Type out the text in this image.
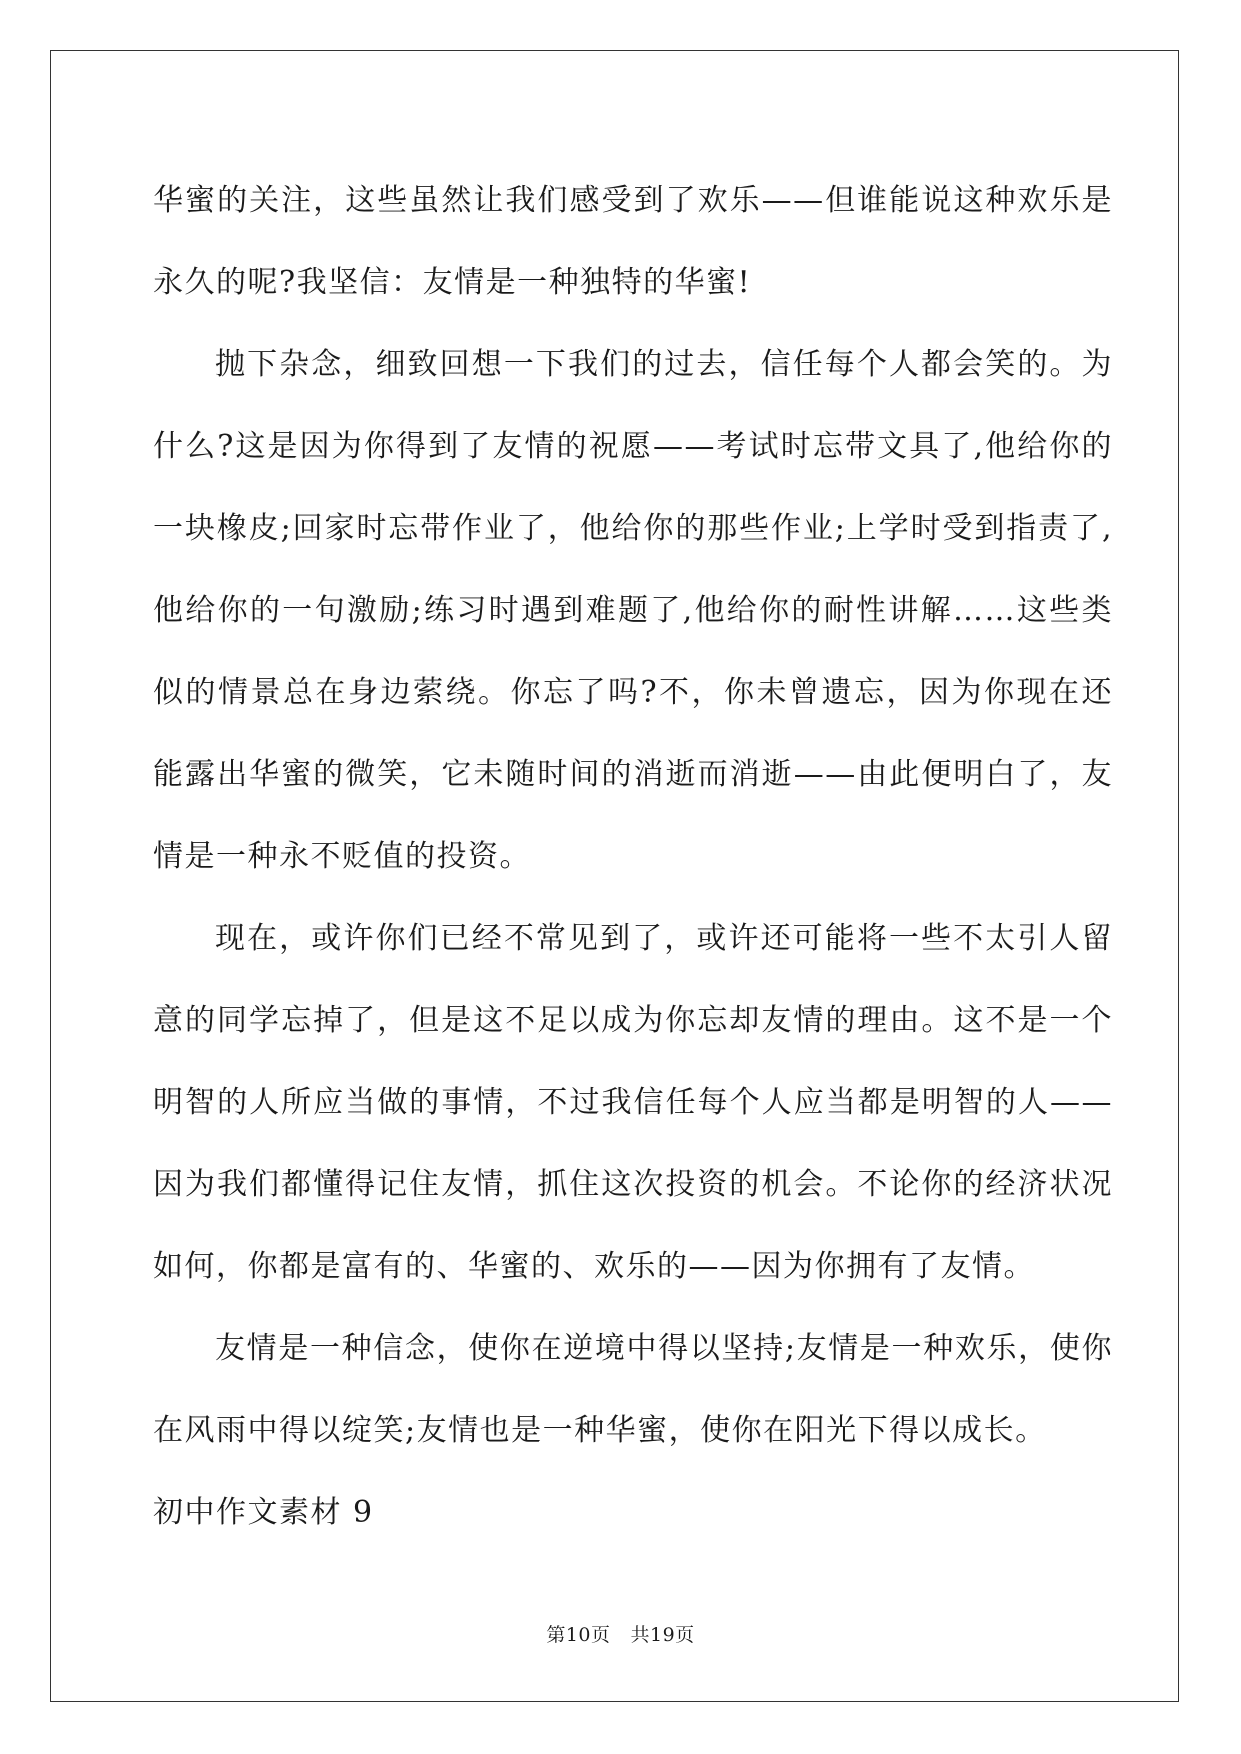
华蜜的关注，这些虽然让我们感受到了欢乐——但谁能说这种欢乐是永久的呢?我坚信：友情是一种独特的华蜜!

抛下杂念，细致回想一下我们的过去，信任每个人都会笑的。为什么?这是因为你得到了友情的祝愿——考试时忘带文具了,他给你的一块橡皮;回家时忘带作业了，他给你的那些作业;上学时受到指责了,他给你的一句激励;练习时遇到难题了,他给你的耐性讲解……这些类似的情景总在身边萦绕。你忘了吗?不，你未曾遗忘，因为你现在还能露出华蜜的微笑，它未随时间的消逝而消逝——由此便明白了，友情是一种永不贬值的投资。

现在，或许你们已经不常见到了，或许还可能将一些不太引人留意的同学忘掉了，但是这不足以成为你忘却友情的理由。这不是一个明智的人所应当做的事情，不过我信任每个人应当都是明智的人——因为我们都懂得记住友情，抓住这次投资的机会。不论你的经济状况如何，你都是富有的、华蜜的、欢乐的——因为你拥有了友情。

友情是一种信念，使你在逆境中得以坚持;友情是一种欢乐，使你在风雨中得以绽笑;友情也是一种华蜜，使你在阳光下得以成长。

初中作文素材 9

第10页 共19页
